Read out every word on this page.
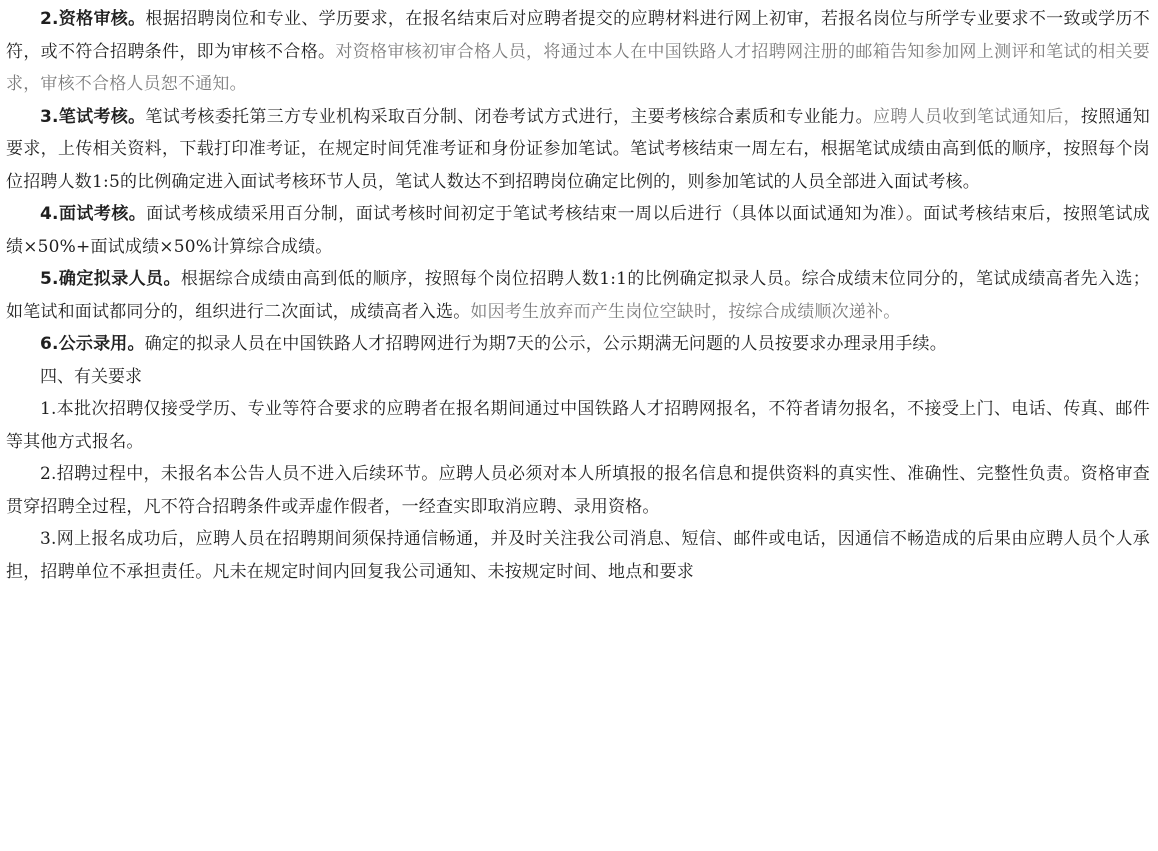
2.资格审核。根据招聘岗位和专业、学历要求，在报名结束后对应聘者提交的应聘材料进行网上初审，若报名岗位与所学专业要求不一致或学历不符，或不符合招聘条件，即为审核不合格。对资格审核初审合格人员，将通过本人在中国铁路人才招聘网注册的邮箱告知参加网上测评和笔试的相关要求，审核不合格人员恕不通知。

3.笔试考核。笔试考核委托第三方专业机构采取百分制、闭卷考试方式进行，主要考核综合素质和专业能力。应聘人员收到笔试通知后，按照通知要求，上传相关资料，下载打印准考证，在规定时间凭准考证和身份证参加笔试。笔试考核结束一周左右，根据笔试成绩由高到低的顺序，按照每个岗位招聘人数1:5的比例确定进入面试考核环节人员，笔试人数达不到招聘岗位确定比例的，则参加笔试的人员全部进入面试考核。

4.面试考核。面试考核成绩采用百分制，面试考核时间初定于笔试考核结束一周以后进行（具体以面试通知为准）。面试考核结束后，按照笔试成绩×50%+面试成绩×50%计算综合成绩。

5.确定拟录人员。根据综合成绩由高到低的顺序，按照每个岗位招聘人数1:1的比例确定拟录人员。综合成绩末位同分的，笔试成绩高者先入选；如笔试和面试都同分的，组织进行二次面试，成绩高者入选。如因考生放弃而产生岗位空缺时，按综合成绩顺次递补。

6.公示录用。确定的拟录人员在中国铁路人才招聘网进行为期7天的公示，公示期满无问题的人员按要求办理录用手续。

四、有关要求

1.本批次招聘仅接受学历、专业等符合要求的应聘者在报名期间通过中国铁路人才招聘网报名，不符者请勿报名，不接受上门、电话、传真、邮件等其他方式报名。

2.招聘过程中，未报名本公告人员不进入后续环节。应聘人员必须对本人所填报的报名信息和提供资料的真实性、准确性、完整性负责。资格审查贯穿招聘全过程，凡不符合招聘条件或弄虚作假者，一经查实即取消应聘、录用资格。

3.网上报名成功后，应聘人员在招聘期间须保持通信畅通，并及时关注我公司消息、短信、邮件或电话，因通信不畅造成的后果由应聘人员个人承担，招聘单位不承担责任。凡未在规定时间内回复我公司通知、未按规定时间、地点和要求
